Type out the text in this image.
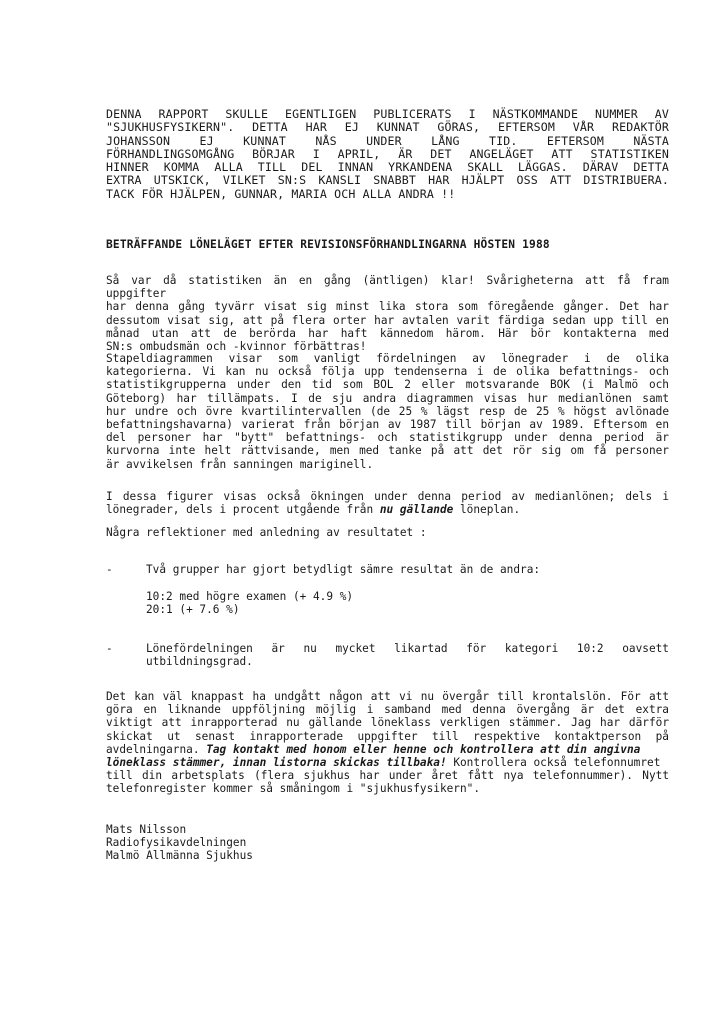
DENNA RAPPORT SKULLE EGENTLIGEN PUBLICERATS I NÄSTKOMMANDE NUMMER AV
"SJUKHUSFYSIKERN". DETTA HAR EJ KUNNAT GÖRAS, EFTERSOM VÅR REDAKTÖR
JOHANSSON EJ KUNNAT NÅS UNDER LÅNG TID. EFTERSOM NÄSTA
FÖRHANDLINGSOMGÅNG BÖRJAR I APRIL, ÄR DET ANGELÄGET ATT STATISTIKEN
HINNER KOMMA ALLA TILL DEL INNAN YRKANDENA SKALL LÄGGAS. DÄRAV DETTA
EXTRA UTSKICK, VILKET SN:S KANSLI SNABBT HAR HJÄLPT OSS ATT DISTRIBUERA.
TACK FÖR HJÄLPEN, GUNNAR, MARIA OCH ALLA ANDRA !!
BETRÄFFANDE LÖNELÄGET EFTER REVISIONSFÖRHANDLINGARNA HÖSTEN 1988
Så var då statistiken än en gång (äntligen) klar! Svårigheterna att få fram uppgifter
har denna gång tyvärr visat sig minst lika stora som föregående gånger. Det har
dessutom visat sig, att på flera orter har avtalen varit färdiga sedan upp till en
månad utan att de berörda har haft kännedom härom. Här bör kontakterna med
SN:s ombudsmän och -kvinnor förbättras!
Stapeldiagrammen visar som vanligt fördelningen av lönegrader i de olika
kategorierna. Vi kan nu också följa upp tendenserna i de olika befattnings- och
statistikgrupperna under den tid som BOL 2 eller motsvarande BOK (i Malmö och
Göteborg) har tillämpats. I de sju andra diagrammen visas hur medianlönen samt
hur undre och övre kvartilintervallen (de 25 % lägst resp de 25 % högst avlönade
befattningshavarna) varierat från början av 1987 till början av 1989. Eftersom en
del personer har "bytt" befattnings- och statistikgrupp under denna period är
kurvorna inte helt rättvisande, men med tanke på att det rör sig om få personer
är avvikelsen från sanningen mariginell.
I dessa figurer visas också ökningen under denna period av medianlönen; dels i
lönegrader, dels i procent utgående från nu gällande löneplan.
Några reflektioner med anledning av resultatet :
-	Två grupper har gjort betydligt sämre resultat än de andra:
10:2 med högre examen (+ 4.9 %)
20:1 (+ 7.6 %)
-	Lönefördelningen är nu mycket likartad för kategori 10:2 oavsett
utbildningsgrad.
Det kan väl knappast ha undgått någon att vi nu övergår till krontalslön. För att
göra en liknande uppföljning möjlig i samband med denna övergång är det extra
viktigt att inrapporterad nu gällande löneklass verkligen stämmer. Jag har därför
skickat ut senast inrapporterade uppgifter till respektive kontaktperson på
avdelningarna. Tag kontakt med honom eller henne och kontrollera att din angivna
löneklass stämmer, innan listorna skickas tillbaka! Kontrollera också telefonnumret
till din arbetsplats (flera sjukhus har under året fått nya telefonnummer). Nytt
telefonregister kommer så småningom i "sjukhusfysikern".
Mats Nilsson
Radiofysikavdelningen
Malmö Allmänna Sjukhus
